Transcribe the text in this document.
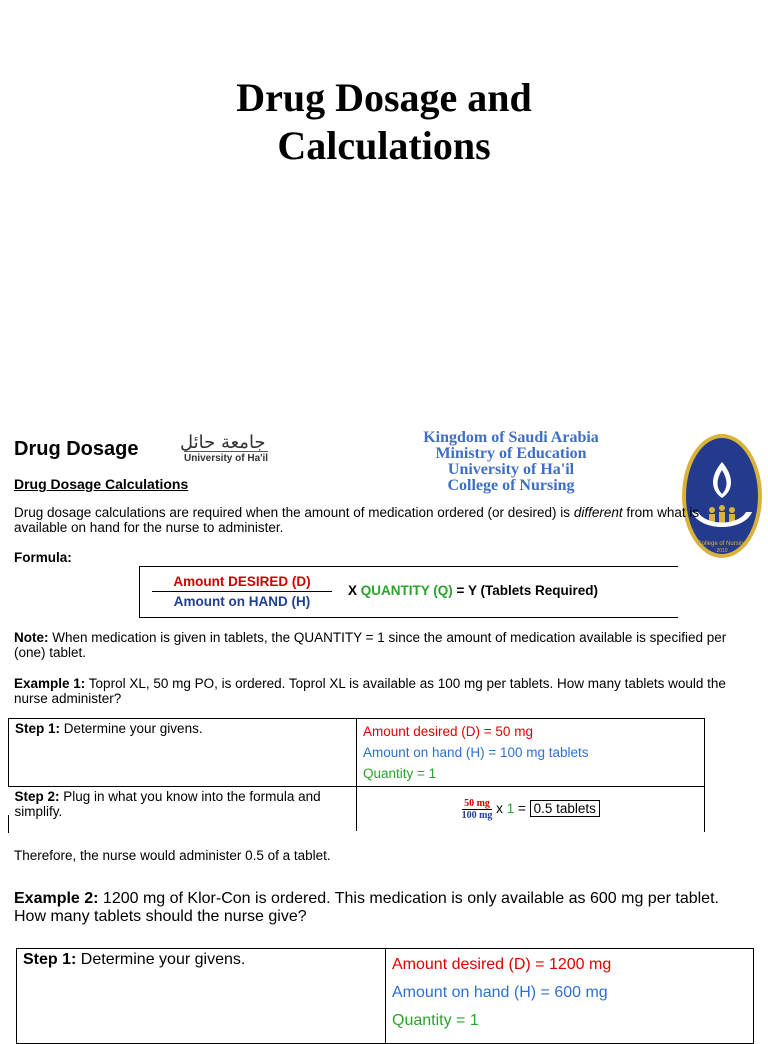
Drug Dosage and
Calculations
Drug Dosage جامعة حائل
University of Ha'il
Kingdom of Saudi Arabia
Ministry of Education
University of Ha'il
College of Nursing
College of Nursing
2010
Drug Dosage Calculations
Drug dosage calculations are required when the amount of medication ordered (or desired) is different from what is available on hand for the nurse to administer.
Formula:
Amount DESIRED (D)
Amount on HAND (H)
X QUANTITY (Q) = Y (Tablets Required)
Note: When medication is given in tablets, the QUANTITY = 1 since the amount of medication available is specified per (one) tablet.
Example 1: Toprol XL, 50 mg PO, is ordered. Toprol XL is available as 100 mg per tablets. How many tablets would the nurse administer?
Step 1: Determine your givens.	Amount desired (D) = 50 mg
Amount on hand (H) = 100 mg tablets
Quantity = 1

Step 2: Plug in what you know into the formula and simplify.	$\frac{50 mg}{100 mg}$ x 1 = 0.5 tablets
Therefore, the nurse would administer 0.5 of a tablet.
Example 2: 1200 mg of Klor-Con is ordered. This medication is only available as 600 mg per tablet. How many tablets should the nurse give?
Step 1: Determine your givens.	Amount desired (D) = 1200 mg
Amount on hand (H) = 600 mg
Quantity = 1
